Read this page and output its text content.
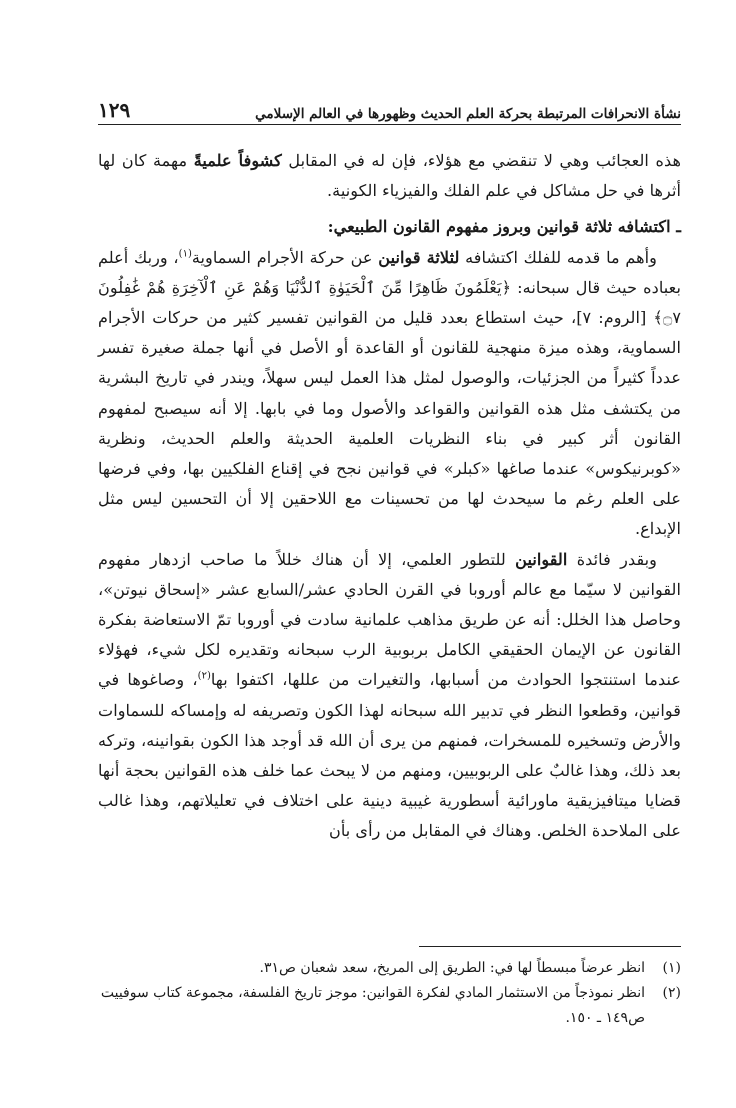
نشأة الانحرافات المرتبطة بحركة العلم الحديث وظهورها في العالم الإسلامي
١٢٩

هذه العجائب وهي لا تنقضي مع هؤلاء، فإن له في المقابل كشوفاً علميةً مهمة كان لها أثرها في حل مشاكل في علم الفلك والفيزياء الكونية.

ـ اكتشافه ثلاثة قوانين وبروز مفهوم القانون الطبيعي:

وأهم ما قدمه للفلك اكتشافه لثلاثة قوانين عن حركة الأجرام السماوية$^{(١)}$، وربك أعلم بعباده حيث قال سبحانه: ﴿يَعْلَمُونَ ظَاهِرًا مِّنَ ٱلْحَيَوٰةِ ٱلدُّنْيَا وَهُمْ عَنِ ٱلْآخِرَةِ هُمْ غَٰفِلُونَ ۝٧﴾ [الروم: ٧]، حيث استطاع بعدد قليل من القوانين تفسير كثير من حركات الأجرام السماوية، وهذه ميزة منهجية للقانون أو القاعدة أو الأصل في أنها جملة صغيرة تفسر عدداً كثيراً من الجزئيات، والوصول لمثل هذا العمل ليس سهلاً، ويندر في تاريخ البشرية من يكتشف مثل هذه القوانين والقواعد والأصول وما في بابها. إلا أنه سيصبح لمفهوم القانون أثر كبير في بناء النظريات العلمية الحديثة والعلم الحديث، ونظرية «كوبرنيكوس» عندما صاغها «كبلر» في قوانين نجح في إقناع الفلكيين بها، وفي فرضها على العلم رغم ما سيحدث لها من تحسينات مع اللاحقين إلا أن التحسين ليس مثل الإبداع.

وبقدر فائدة القوانين للتطور العلمي، إلا أن هناك خللاً ما صاحب ازدهار مفهوم القوانين لا سيّما مع عالم أوروبا في القرن الحادي عشر/السابع عشر «إسحاق نيوتن»، وحاصل هذا الخلل: أنه عن طريق مذاهب علمانية سادت في أوروبا تمّ الاستعاضة بفكرة القانون عن الإيمان الحقيقي الكامل بربوبية الرب سبحانه وتقديره لكل شيء، فهؤلاء عندما استنتجوا الحوادث من أسبابها، والتغيرات من عللها، اكتفوا بها$^{(٢)}$، وصاغوها في قوانين، وقطعوا النظر في تدبير الله سبحانه لهذا الكون وتصريفه له وإمساكه للسماوات والأرض وتسخيره للمسخرات، فمنهم من يرى أن الله قد أوجد هذا الكون بقوانينه، وتركه بعد ذلك، وهذا غالبٌ على الربوبيين، ومنهم من لا يبحث عما خلف هذه القوانين بحجة أنها قضايا ميتافيزيقية ماورائية أسطورية غيبية دينية على اختلاف في تعليلاتهم، وهذا غالب على الملاحدة الخلص. وهناك في المقابل من رأى بأن

(١)
انظر عرضاً مبسطاً لها في: الطريق إلى المريخ، سعد شعبان ص٣١.
(٢)
انظر نموذجاً من الاستثمار المادي لفكرة القوانين: موجز تاريخ الفلسفة، مجموعة كتاب سوفييت ص١٤٩ ـ ١٥٠.
